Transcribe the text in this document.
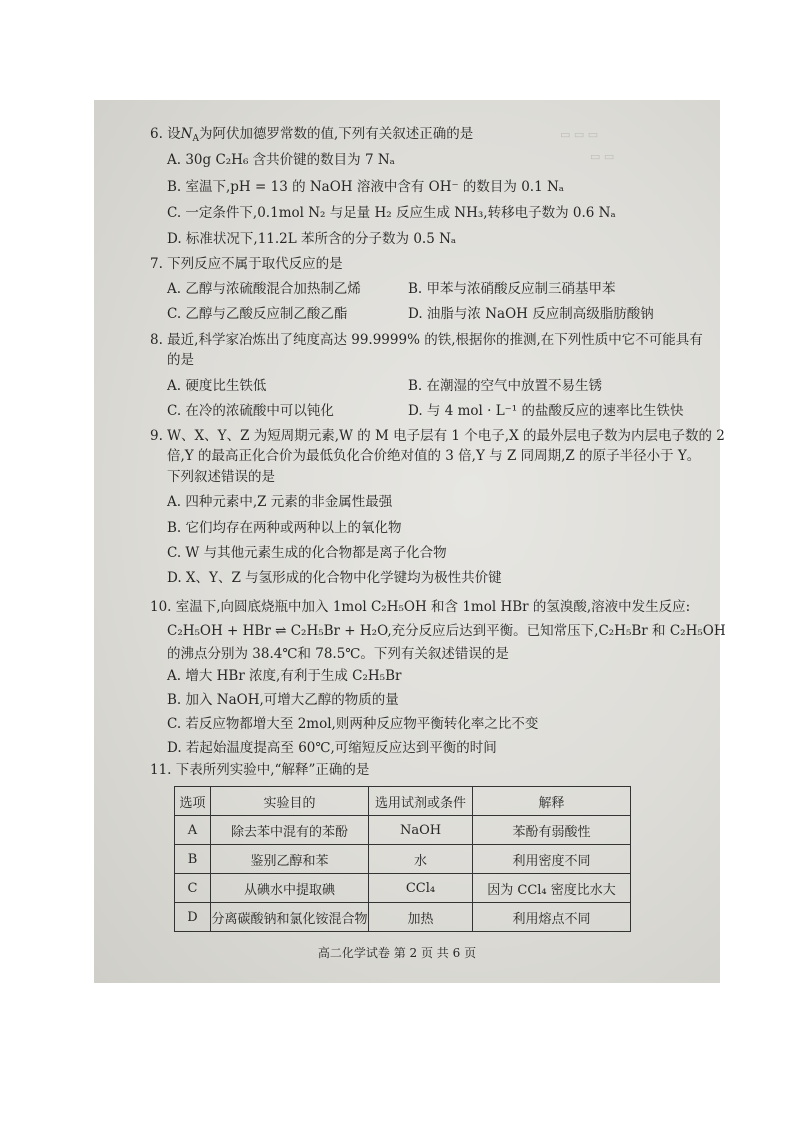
▭ ▭ ▭
▭ ▭
6. 设$N_A$为阿伏加德罗常数的值,下列有关叙述正确的是
A. 30g C₂H₆ 含共价键的数目为 7 Nₐ
B. 室温下,pH = 13 的 NaOH 溶液中含有 OH⁻ 的数目为 0.1 Nₐ
C. 一定条件下,0.1mol N₂ 与足量 H₂ 反应生成 NH₃,转移电子数为 0.6 Nₐ
D. 标准状况下,11.2L 苯所含的分子数为 0.5 Nₐ
7. 下列反应不属于取代反应的是
A. 乙醇与浓硫酸混合加热制乙烯	B. 甲苯与浓硝酸反应制三硝基甲苯
C. 乙醇与乙酸反应制乙酸乙酯	D. 油脂与浓 NaOH 反应制高级脂肪酸钠
8. 最近,科学家冶炼出了纯度高达 99.9999% 的铁,根据你的推测,在下列性质中它不可能具有
的是
A. 硬度比生铁低	B. 在潮湿的空气中放置不易生锈
C. 在冷的浓硫酸中可以钝化	D. 与 4 mol · L⁻¹ 的盐酸反应的速率比生铁快
9. W、X、Y、Z 为短周期元素,W 的 M 电子层有 1 个电子,X 的最外层电子数为内层电子数的 2
倍,Y 的最高正化合价为最低负化合价绝对值的 3 倍,Y 与 Z 同周期,Z 的原子半径小于 Y。
下列叙述错误的是
A. 四种元素中,Z 元素的非金属性最强
B. 它们均存在两种或两种以上的氧化物
C. W 与其他元素生成的化合物都是离子化合物
D. X、Y、Z 与氢形成的化合物中化学键均为极性共价键
10. 室温下,向圆底烧瓶中加入 1mol C₂H₅OH 和含 1mol HBr 的氢溴酸,溶液中发生反应:
C₂H₅OH + HBr ⇌ C₂H₅Br + H₂O,充分反应后达到平衡。已知常压下,C₂H₅Br 和 C₂H₅OH
的沸点分别为 38.4℃和 78.5℃。下列有关叙述错误的是
A. 增大 HBr 浓度,有利于生成 C₂H₅Br
B. 加入 NaOH,可增大乙醇的物质的量
C. 若反应物都增大至 2mol,则两种反应物平衡转化率之比不变
D. 若起始温度提高至 60℃,可缩短反应达到平衡的时间
11. 下表所列实验中,“解释”正确的是
选项	实验目的	选用试剂或条件	解释
A	除去苯中混有的苯酚	NaOH	苯酚有弱酸性
B	鉴别乙醇和苯	水	利用密度不同
C	从碘水中提取碘	CCl₄	因为 CCl₄ 密度比水大
D	分离碳酸钠和氯化铵混合物	加热	利用熔点不同
高二化学试卷 第 2 页 共 6 页
